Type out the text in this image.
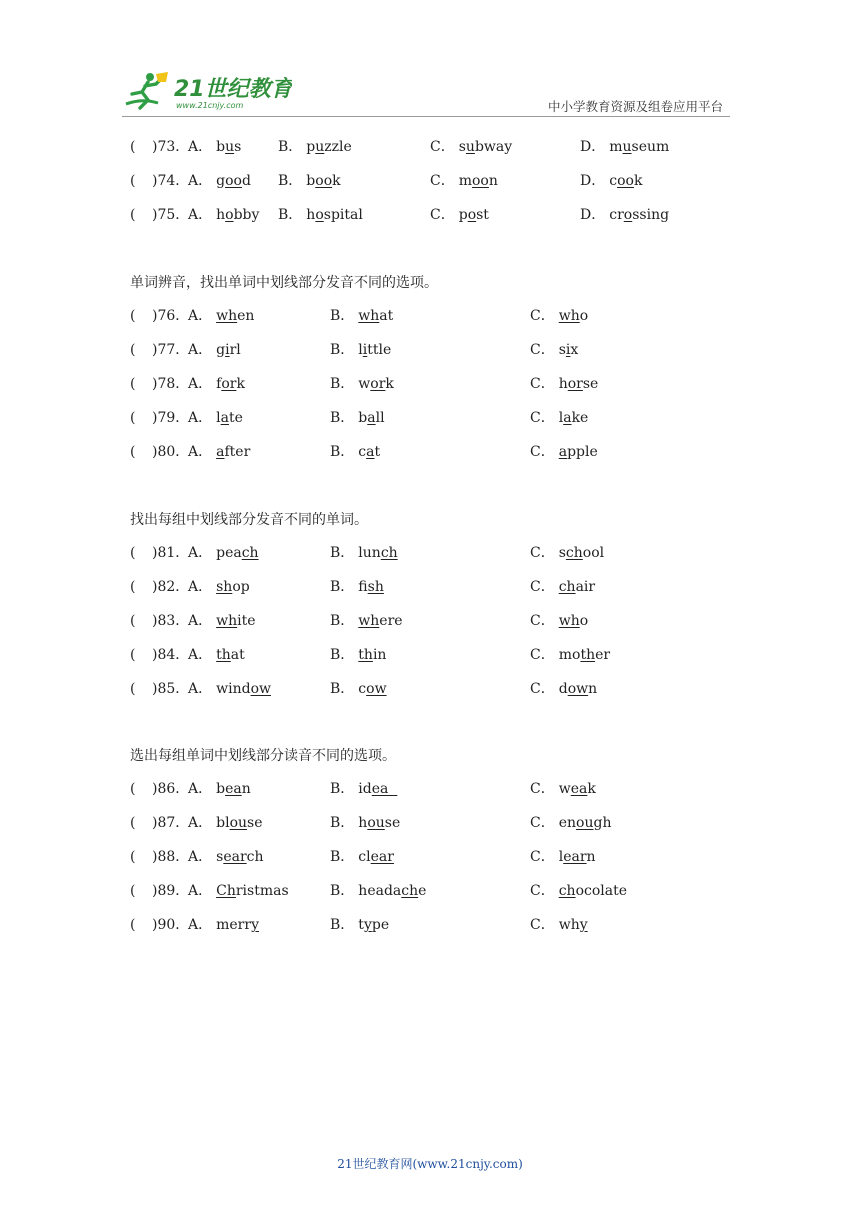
21世纪教育
www.21cnjy.com	中小学教育资源及组卷应用平台
( )73．
A． bus	B． puzzle	C． subway	D． museum
( )74．
A． good B． book	C． moon	D． cook
( )75．
A． hobby B． hospital	C． post	D． crossing
单词辨音，找出单词中划线部分发音不同的选项。
( )76．
A． when	B． what	C． who
( )77．
A． girl	B． little	C． six
( )78．
A． fork	B． work	C． horse
( )79．
A． late	B． ball	C． lake
( )80．
A． after	B． cat	C． apple
找出每组中划线部分发音不同的单词。
( )81．
A． peach	B． lunch	C． school
( )82．
A． shop	B． fish	C． chair
( )83．
A． white	B． where	C． who
( )84．
A． that	B． thin	C． mother
( )85．
A． window	B． cow	C． down
选出每组单词中划线部分读音不同的选项。
( )86．
A． bean	B． idea	C． weak
( )87．
A． blouse	B． house	C． enough
( )88．
A． search	B． clear	C． learn
( )89．
A． Christmas	B． headache	C． chocolate
( )90．
A． merry	B． type	C． why
21世纪教育网(www.21cnjy.com)
